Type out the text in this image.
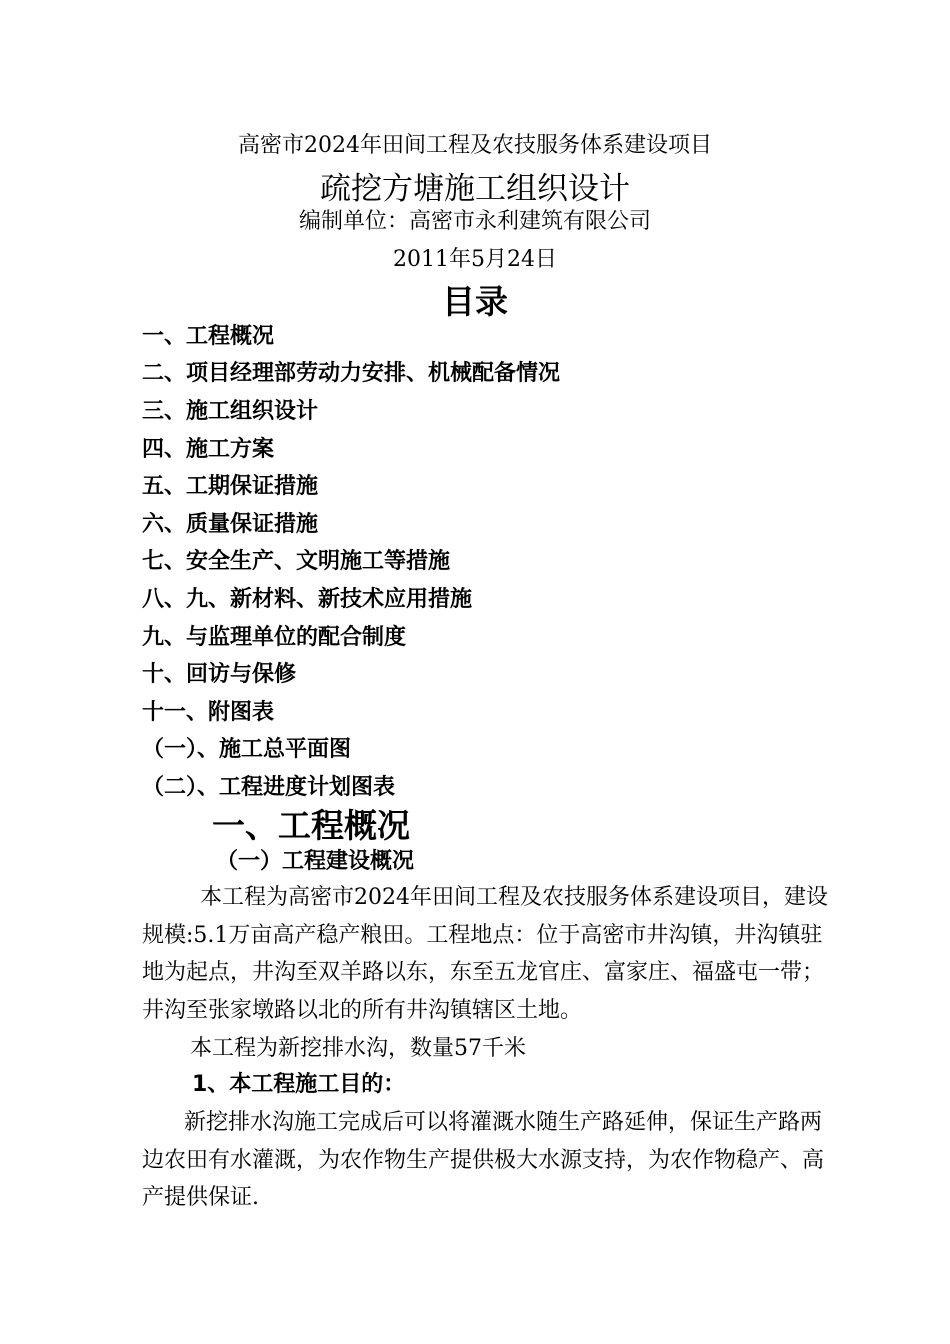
高密市2024年田间工程及农技服务体系建设项目
疏挖方塘施工组织设计
编制单位：高密市永利建筑有限公司
2011年5月24日
目录
一、工程概况
二、项目经理部劳动力安排、机械配备情况
三、施工组织设计
四、施工方案
五、工期保证措施
六、质量保证措施
七、安全生产、文明施工等措施
八、九、新材料、新技术应用措施
九、与监理单位的配合制度
十、回访与保修
十一、附图表
（一）、施工总平面图
（二）、工程进度计划图表
一、工程概况
（一）工程建设概况
本工程为高密市2024年田间工程及农技服务体系建设项目，建设规模:5.1万亩高产稳产粮田。工程地点：位于高密市井沟镇，井沟镇驻地为起点，井沟至双羊路以东，东至五龙官庄、富家庄、福盛屯一带；井沟至张家墩路以北的所有井沟镇辖区土地。
本工程为新挖排水沟，数量57千米
1、本工程施工目的：
新挖排水沟施工完成后可以将灌溉水随生产路延伸，保证生产路两边农田有水灌溉，为农作物生产提供极大水源支持，为农作物稳产、高产提供保证.
